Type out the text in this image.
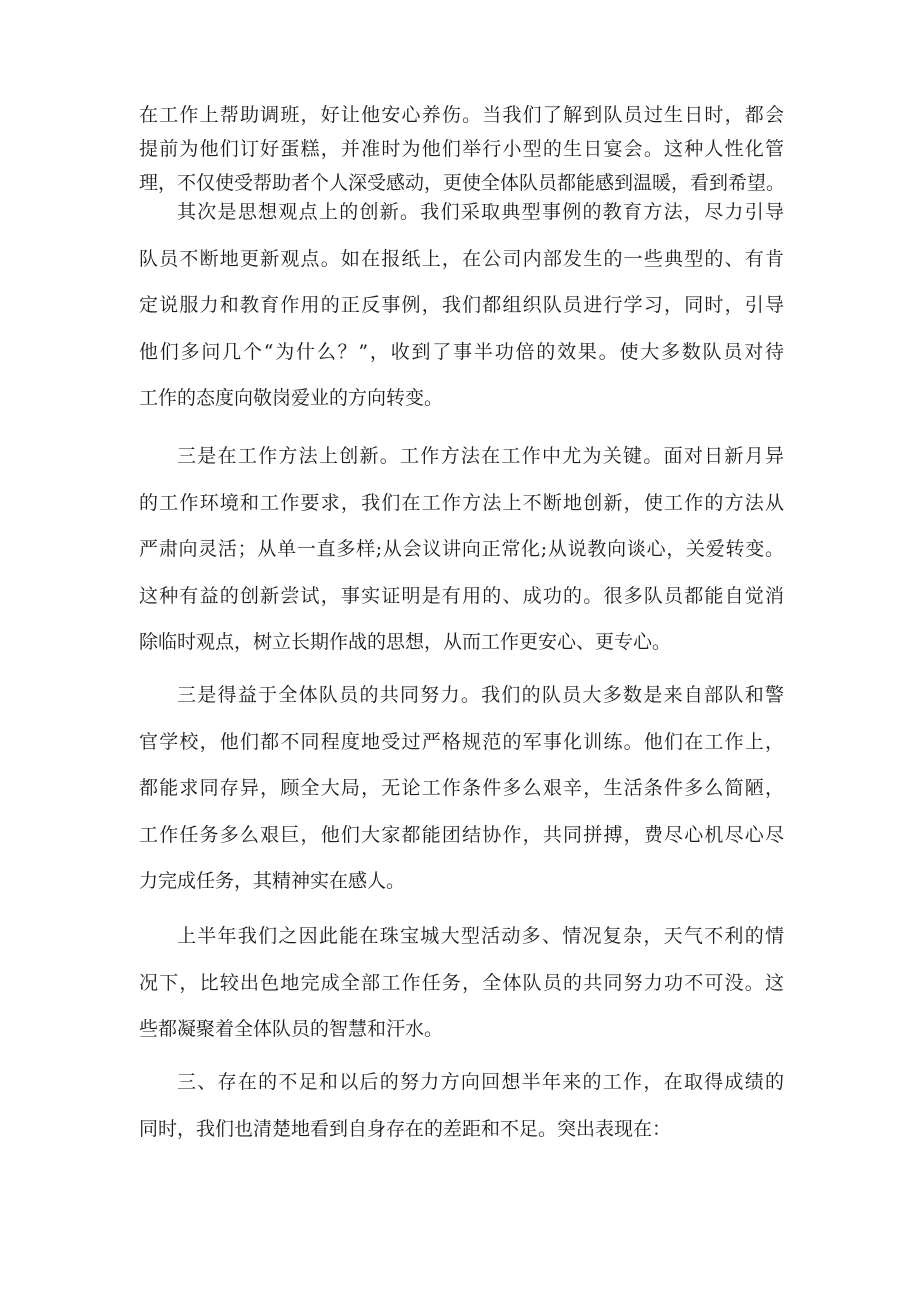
在工作上帮助调班，好让他安心养伤。当我们了解到队员过生日时，都会
提前为他们订好蛋糕，并准时为他们举行小型的生日宴会。这种人性化管
理，不仅使受帮助者个人深受感动，更使全体队员都能感到温暖，看到希望。
其次是思想观点上的创新。我们采取典型事例的教育方法，尽力引导
队员不断地更新观点。如在报纸上，在公司内部发生的一些典型的、有肯
定说服力和教育作用的正反事例，我们都组织队员进行学习，同时，引导
他们多问几个“为什么？”，收到了事半功倍的效果。使大多数队员对待
工作的态度向敬岗爱业的方向转变。
三是在工作方法上创新。工作方法在工作中尤为关键。面对日新月异
的工作环境和工作要求，我们在工作方法上不断地创新，使工作的方法从
严肃向灵活；从单一直多样;从会议讲向正常化;从说教向谈心，关爱转变。
这种有益的创新尝试，事实证明是有用的、成功的。很多队员都能自觉消
除临时观点，树立长期作战的思想，从而工作更安心、更专心。
三是得益于全体队员的共同努力。我们的队员大多数是来自部队和警
官学校，他们都不同程度地受过严格规范的军事化训练。他们在工作上，
都能求同存异，顾全大局，无论工作条件多么艰辛，生活条件多么简陋，
工作任务多么艰巨，他们大家都能团结协作，共同拼搏，费尽心机尽心尽
力完成任务，其精神实在感人。
上半年我们之因此能在珠宝城大型活动多、情况复杂，天气不利的情
况下，比较出色地完成全部工作任务，全体队员的共同努力功不可没。这
些都凝聚着全体队员的智慧和汗水。
三、存在的不足和以后的努力方向回想半年来的工作，在取得成绩的
同时，我们也清楚地看到自身存在的差距和不足。突出表现在：
